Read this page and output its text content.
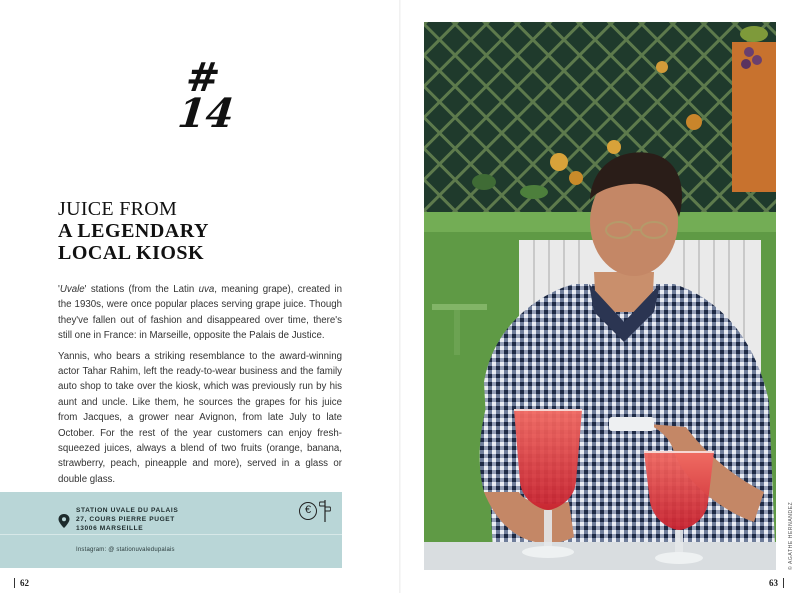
#
14
JUICE FROM
A LEGENDARY
LOCAL KIOSK

'Uvale' stations (from the Latin uva, meaning grape), created in the 1930s, were once popular places serving grape juice. Though they've fallen out of fashion and disappeared over time, there's still one in France: in Marseille, opposite the Palais de Justice.

Yannis, who bears a striking resemblance to the award-winning actor Tahar Rahim, left the ready-to-wear business and the family auto shop to take over the kiosk, which was previously run by his aunt and uncle. Like them, he sources the grapes for his juice from Jacques, a grower near Avignon, from late July to late October. For the rest of the year customers can enjoy fresh-squeezed juices, always a blend of two fruits (orange, banana, strawberry, peach, pineapple and more), served in a glass or double glass.

STATION UVALE DU PALAIS
27, COURS PIERRE PUGET
13006 MARSEILLE
Instagram: @ stationuvaledupalais
€
62
© AGATHE HERNANDEZ
63
